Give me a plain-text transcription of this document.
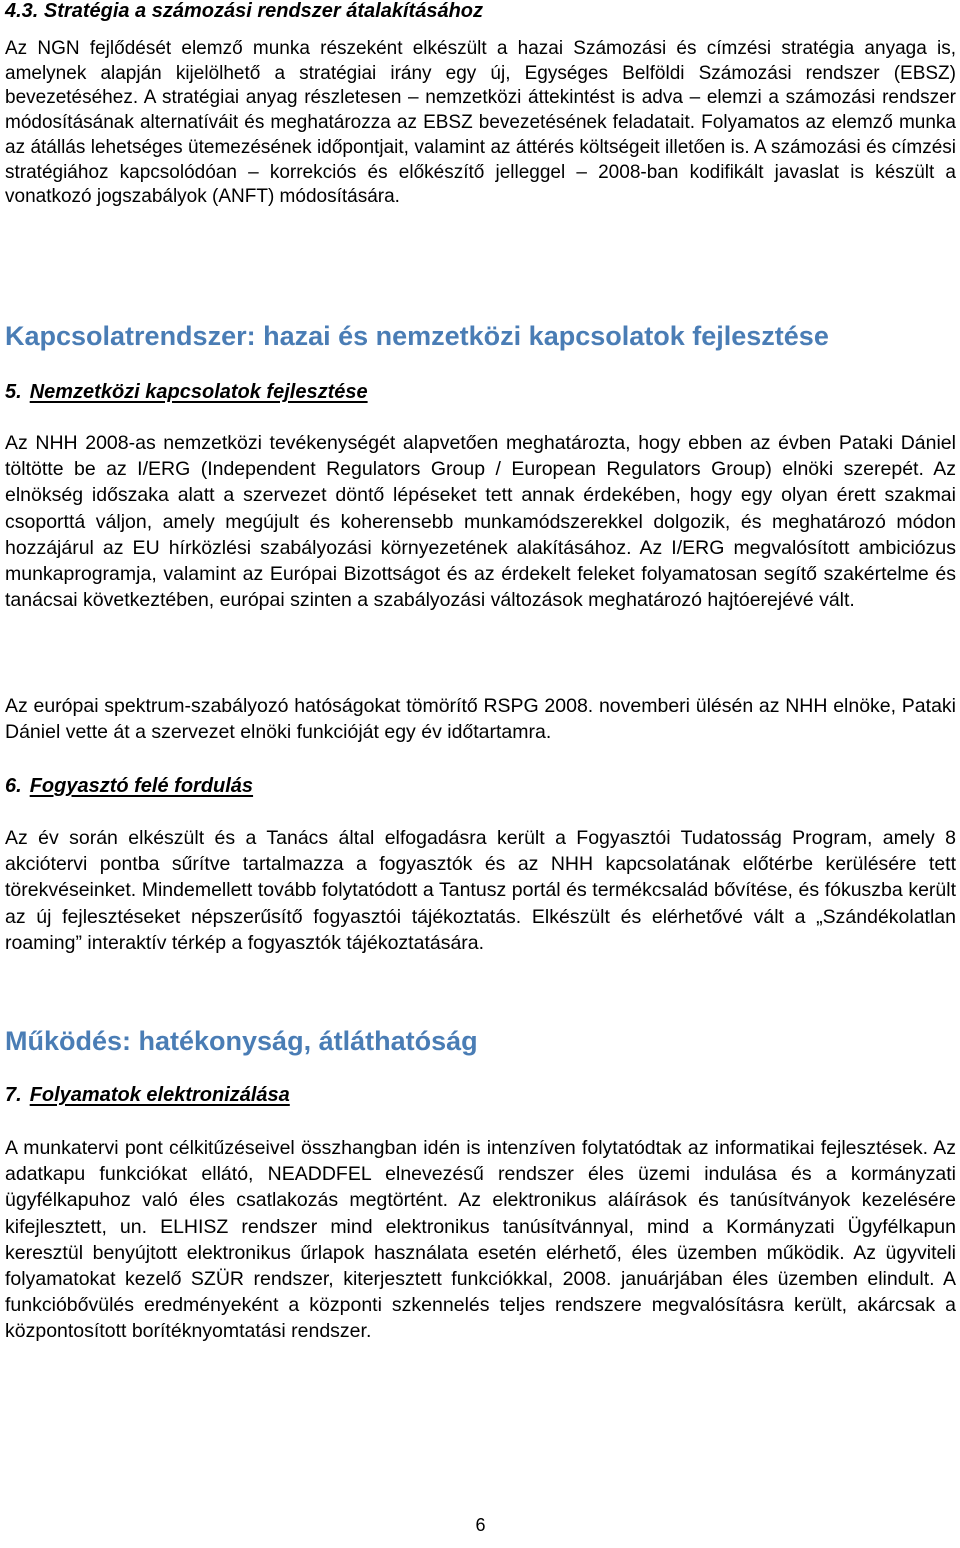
4.3. Stratégia a számozási rendszer átalakításához

Az NGN fejlődését elemző munka részeként elkészült a hazai Számozási és címzési stratégia anyaga is, amelynek alapján kijelölhető a stratégiai irány egy új, Egységes Belföldi Számozási rendszer (EBSZ) bevezetéséhez. A stratégiai anyag részletesen – nemzetközi áttekintést is adva – elemzi a számozási rendszer módosításának alternatíváit és meghatározza az EBSZ bevezetésének feladatait. Folyamatos az elemző munka az átállás lehetséges ütemezésének időpontjait, valamint az áttérés költségeit illetően is. A számozási és címzési stratégiához kapcsolódóan – korrekciós és előkészítő jelleggel – 2008-ban kodifikált javaslat is készült a vonatkozó jogszabályok (ANFT) módosítására.

Kapcsolatrendszer: hazai és nemzetközi kapcsolatok fejlesztése
5. Nemzetközi kapcsolatok fejlesztése

Az NHH 2008-as nemzetközi tevékenységét alapvetően meghatározta, hogy ebben az évben Pataki Dániel töltötte be az I/ERG (Independent Regulators Group / European Regulators Group) elnöki szerepét. Az elnökség időszaka alatt a szervezet döntő lépéseket tett annak érdekében, hogy egy olyan érett szakmai csoporttá váljon, amely megújult és koherensebb munkamódszerekkel dolgozik, és meghatározó módon hozzájárul az EU hírközlési szabályozási környezetének alakításához. Az I/ERG megvalósított ambiciózus munkaprogramja, valamint az Európai Bizottságot és az érdekelt feleket folyamatosan segítő szakértelme és tanácsai következtében, európai szinten a szabályozási változások meghatározó hajtóerejévé vált.

Az európai spektrum-szabályozó hatóságokat tömörítő RSPG 2008. novemberi ülésén az NHH elnöke, Pataki Dániel vette át a szervezet elnöki funkcióját egy év időtartamra.

6. Fogyasztó felé fordulás

Az év során elkészült és a Tanács által elfogadásra került a Fogyasztói Tudatosság Program, amely 8 akciótervi pontba sűrítve tartalmazza a fogyasztók és az NHH kapcsolatának előtérbe kerülésére tett törekvéseinket. Mindemellett tovább folytatódott a Tantusz portál és termékcsalád bővítése, és fókuszba került az új fejlesztéseket népszerűsítő fogyasztói tájékoztatás. Elkészült és elérhetővé vált a „Szándékolatlan roaming” interaktív térkép a fogyasztók tájékoztatására.

Működés: hatékonyság, átláthatóság
7. Folyamatok elektronizálása

A munkatervi pont célkitűzéseivel összhangban idén is intenzíven folytatódtak az informatikai fejlesztések. Az adatkapu funkciókat ellátó, NEADDFEL elnevezésű rendszer éles üzemi indulása és a kormányzati ügyfélkapuhoz való éles csatlakozás megtörtént. Az elektronikus aláírások és tanúsítványok kezelésére kifejlesztett, un. ELHISZ rendszer mind elektronikus tanúsítvánnyal, mind a Kormányzati Ügyfélkapun keresztül benyújtott elektronikus űrlapok használata esetén elérhető, éles üzemben működik. Az ügyviteli folyamatokat kezelő SZÜR rendszer, kiterjesztett funkciókkal, 2008. januárjában éles üzemben elindult. A funkcióbővülés eredményeként a központi szkennelés teljes rendszere megvalósításra került, akárcsak a központosított borítéknyomtatási rendszer.

6
